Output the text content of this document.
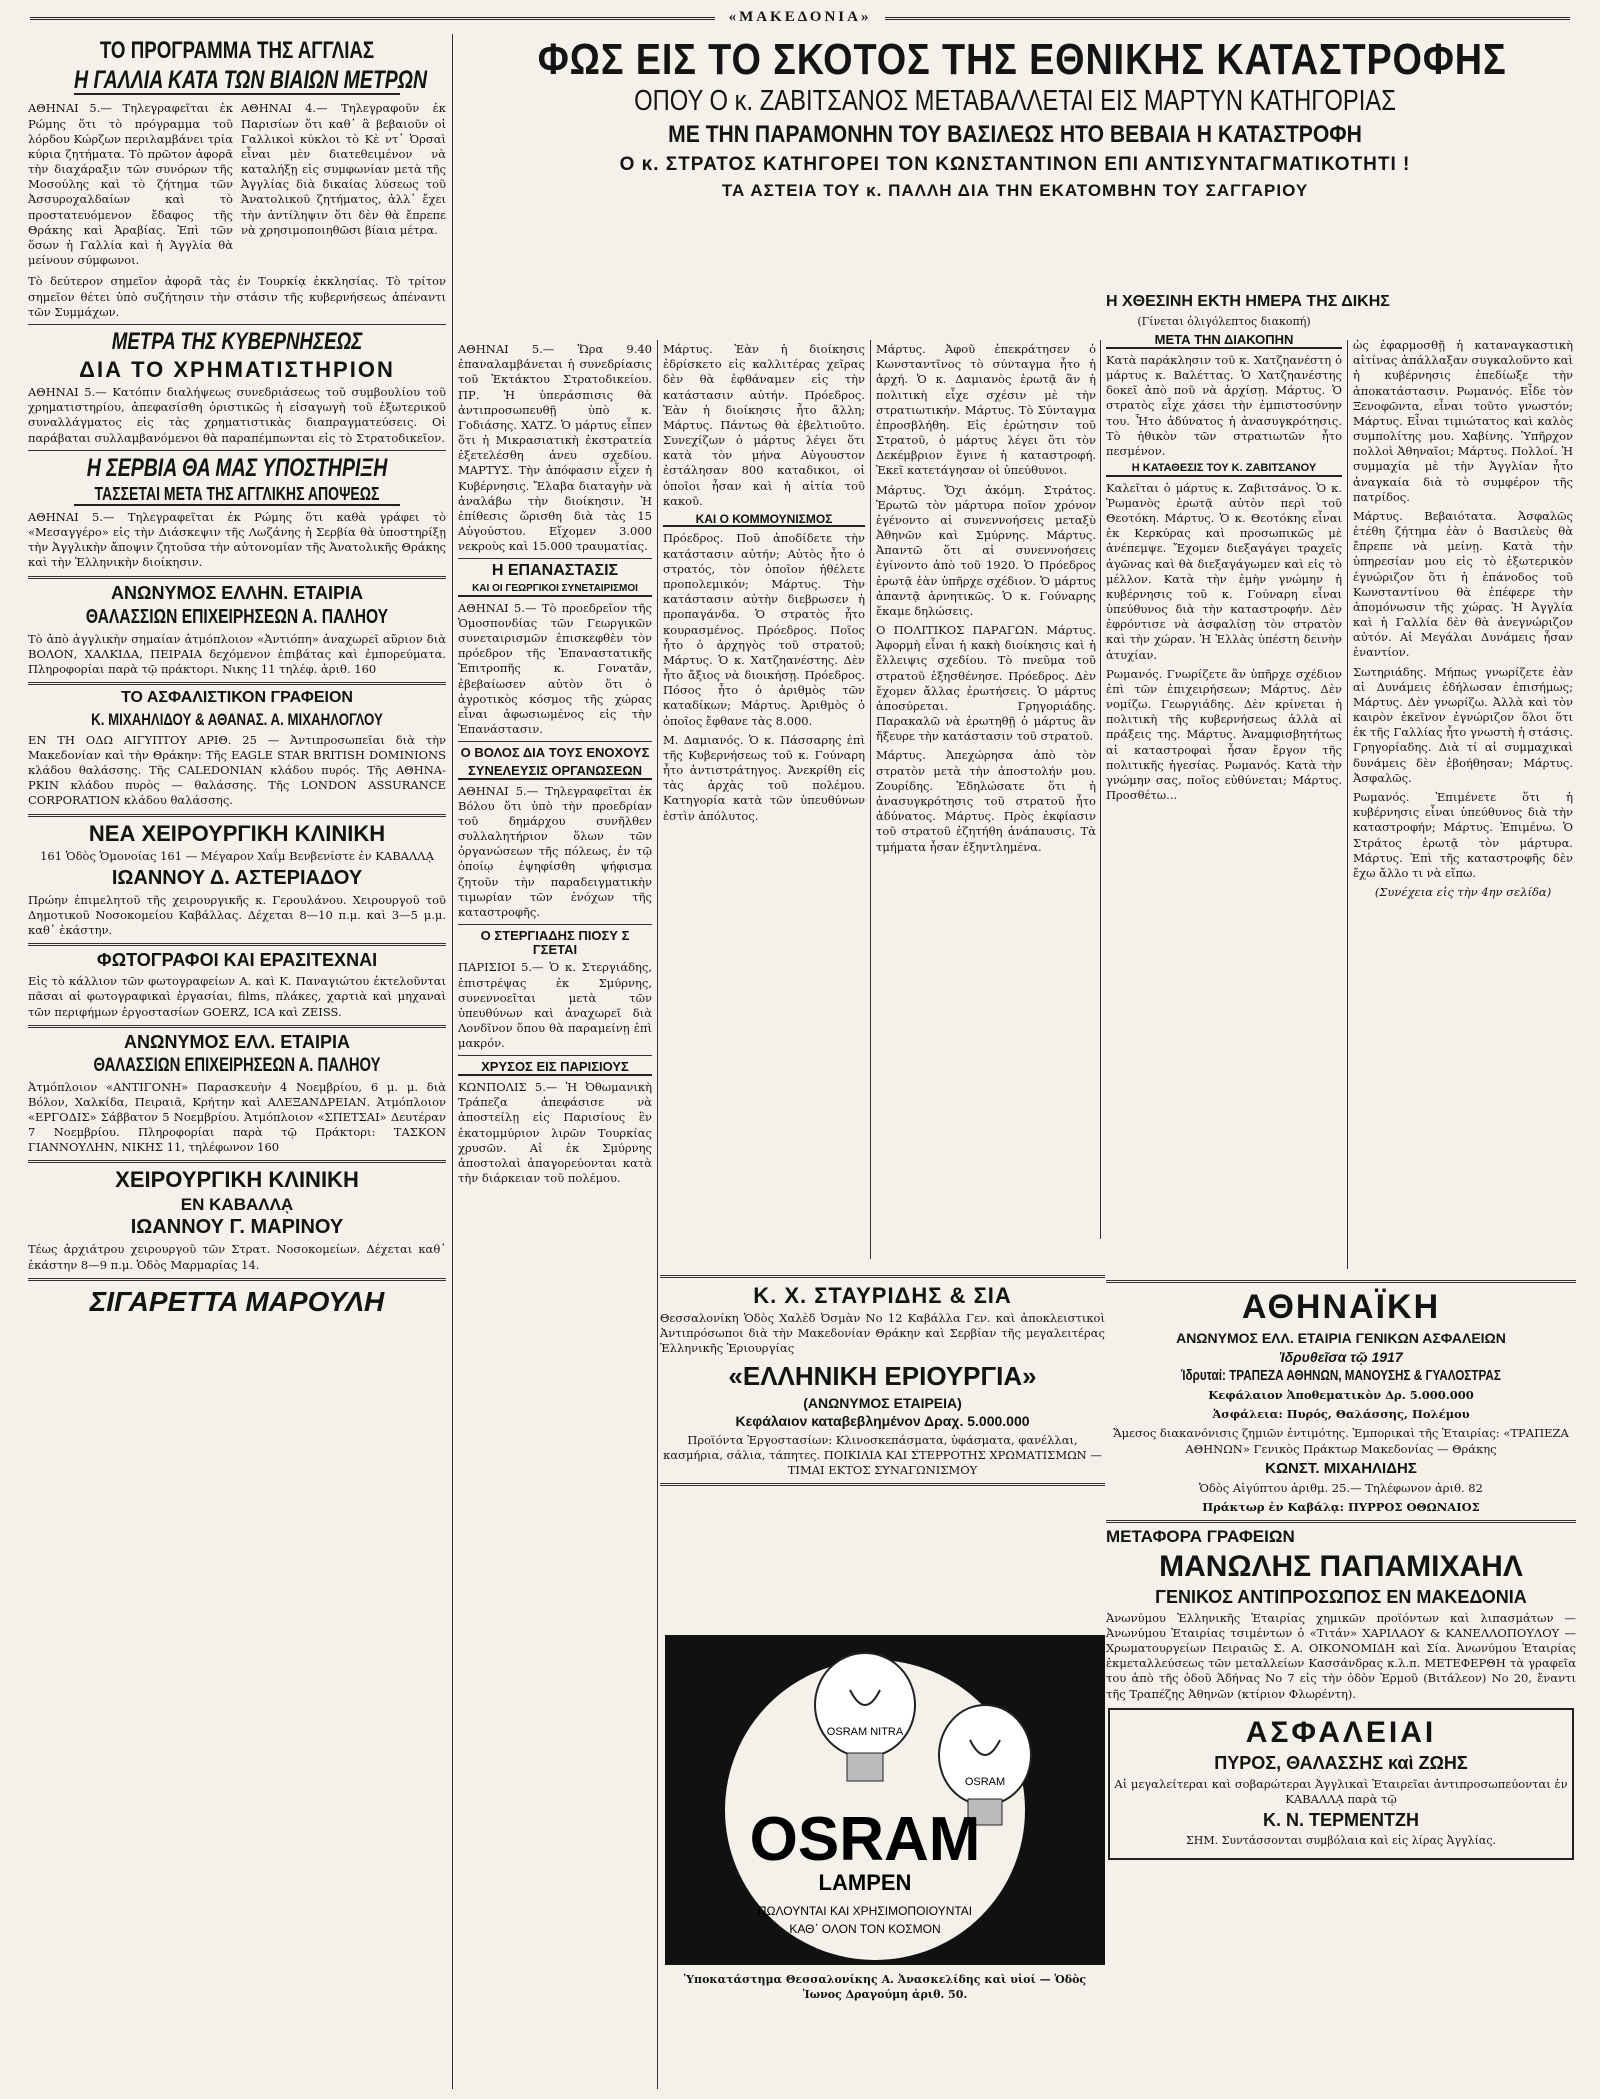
«ΜΑΚΕΔΟΝΙΑ»
ΦΩΣ ΕΙΣ ΤΟ ΣΚΟΤΟΣ ΤΗΣ ΕΘΝΙΚΗΣ ΚΑΤΑΣΤΡΟΦΗΣ
ΟΠΟΥ Ο κ. ΖΑΒΙΤΣΑΝΟΣ ΜΕΤΑΒΑΛΛΕΤΑΙ ΕΙΣ ΜΑΡΤΥΝ ΚΑΤΗΓΟΡΙΑΣ
ΜΕ ΤΗΝ ΠΑΡΑΜΟΝΗΝ ΤΟΥ ΒΑΣΙΛΕΩΣ ΗΤΟ ΒΕΒΑΙΑ Η ΚΑΤΑΣΤΡΟΦΗ
Ο κ. ΣΤΡΑΤΟΣ ΚΑΤΗΓΟΡΕΙ ΤΟΝ ΚΩΝΣΤΑΝΤΙΝΟΝ ΕΠΙ ΑΝΤΙΣΥΝΤΑΓΜΑΤΙΚΟΤΗΤΙ !
ΤΑ ΑΣΤΕΙΑ ΤΟΥ κ. ΠΑΛΛΗ ΔΙΑ ΤΗΝ ΕΚΑΤΟΜΒΗΝ ΤΟΥ ΣΑΓΓΑΡΙΟΥ
ΤΟ ΠΡΟΓΡΑΜΜΑ ΤΗΣ ΑΓΓΛΙΑΣ
Η ΓΑΛΛΙΑ ΚΑΤΑ ΤΩΝ ΒΙΑΙΩΝ ΜΕΤΡΩΝ
ΑΘΗΝΑΙ 5.— Τηλεγραφεῖται ἐκ Ρώμης ὅτι τὸ πρόγραμμα τοῦ λόρδου Κώρζων περιλαμβάνει τρία κύρια ζητήματα. Τὸ πρῶτον ἀφορᾶ τὴν διαχάραξιν τῶν συνόρων τῆς Μοσούλης καὶ τὸ ζήτημα τῶν Ἀσσυροχαλδαίων καὶ τὸ προστατευόμενον ἔδαφος τῆς Θράκης καὶ Ἀραβίας. Ἐπὶ τῶν ὅσων ἡ Γαλλία καὶ ἡ Ἀγγλία θὰ μείνουν σύμφωνοι.
ΑΘΗΝΑΙ 4.— Τηλεγραφοῦν ἐκ Παρισίων ὅτι καθ᾽ ἃ βεβαιοῦν οἱ Γαλλικοὶ κύκλοι τὸ Κὲ ντ᾽ Ὀρσαὶ εἶναι μὲν διατεθειμένον νὰ καταλήξῃ εἰς συμφωνίαν μετὰ τῆς Ἀγγλίας διὰ δικαίας λύσεως τοῦ Ἀνατολικοῦ ζητήματος, ἀλλ᾽ ἔχει τὴν ἀντίληψιν ὅτι δὲν θὰ ἔπρεπε νὰ χρησιμοποιηθῶσι βίαια μέτρα.
Τὸ δεύτερον σημεῖον ἀφορᾶ τὰς ἐν Τουρκίᾳ ἐκκλησίας. Τὸ τρίτον σημεῖον θέτει ὑπὸ συζήτησιν τὴν στάσιν τῆς κυβερνήσεως ἀπέναντι τῶν Συμμάχων.
ΜΕΤΡΑ ΤΗΣ ΚΥΒΕΡΝΗΣΕΩΣ
ΔΙΑ ΤΟ ΧΡΗΜΑΤΙΣΤΗΡΙΟΝ
ΑΘΗΝΑΙ 5.— Κατόπιν διαλήψεως συνεδριάσεως τοῦ συμβουλίου τοῦ χρηματιστηρίου, ἀπεφασίσθη ὁριστικῶς ἡ εἰσαγωγὴ τοῦ ἐξωτερικοῦ συναλλάγματος εἰς τὰς χρηματιστικὰς διαπραγματεύσεις. Οἱ παράβαται συλλαμβανόμενοι θὰ παραπέμπωνται εἰς τὸ Στρατοδικεῖον.
Η ΣΕΡΒΙΑ ΘΑ ΜΑΣ ΥΠΟΣΤΗΡΙΞΗ
ΤΑΣΣΕΤΑΙ ΜΕΤΑ ΤΗΣ ΑΓΓΛΙΚΗΣ ΑΠΟΨΕΩΣ
ΑΘΗΝΑΙ 5.— Τηλεγραφεῖται ἐκ Ρώμης ὅτι καθὰ γράφει τὸ «Μεσαγγέρο» εἰς τὴν Διάσκεψιν τῆς Λωζάνης ἡ Σερβία θὰ ὑποστηρίξῃ τὴν Ἀγγλικὴν ἄποψιν ζητοῦσα τὴν αὐτονομίαν τῆς Ἀνατολικῆς Θράκης καὶ τὴν Ἑλληνικὴν διοίκησιν.
ΑΝΩΝΥΜΟΣ ΕΛΛΗΝ. ΕΤΑΙΡΙΑ
ΘΑΛΑΣΣΙΩΝ ΕΠΙΧΕΙΡΗΣΕΩΝ Α. ΠΑΛΗΟΥ
Τὸ ἀπὸ ἀγγλικὴν σημαίαν ἀτμόπλοιον «Ἀντιόπη» ἀναχωρεῖ αὔριον διὰ ΒΟΛΟΝ, ΧΑΛΚΙΔΑ, ΠΕΙΡΑΙΑ δεχόμενον ἐπιβάτας καὶ ἐμπορεύματα. Πληροφορίαι παρὰ τῷ πράκτορι. Νικης 11 τηλέφ. ἀριθ. 160
ΤΟ ΑΣΦΑΛΙΣΤΙΚΟΝ ΓΡΑΦΕΙΟΝ
Κ. ΜΙΧΑΗΛΙΔΟΥ & ΑΘΑΝΑΣ. Α. ΜΙΧΑΗΛΟΓΛΟΥ
ΕΝ ΤΗ ΟΔΩ ΑΙΓΥΠΤΟΥ ΑΡΙΘ. 25 — Ἀντιπροσωπεῖαι διὰ τὴν Μακεδονίαν καὶ τὴν Θράκην: Τῆς EAGLE STAR BRITISH DOMINIONS κλάδου θαλάσσης. Τῆς CALEDONIAN κλάδου πυρός. Τῆς ΑΘΗΝΑ-ΡΚΙΝ κλάδου πυρὸς — θαλάσσης. Τῆς LONDON ASSURANCE CORPORATION κλάδου θαλάσσης.
ΝΕΑ ΧΕΙΡΟΥΡΓΙΚΗ ΚΛΙΝΙΚΗ
161 Ὁδὸς Ὁμονοίας 161 — Μέγαρον Χαΐμ Βενβενίστε ἐν ΚΑΒΑΛΛᾼ
ΙΩΑΝΝΟΥ Δ. ΑΣΤΕΡΙΑΔΟΥ
Πρώην ἐπιμελητοῦ τῆς χειρουργικῆς κ. Γερουλάνου. Χειρουργοῦ τοῦ Δημοτικοῦ Νοσοκομείου Καβάλλας. Δέχεται 8—10 π.μ. καὶ 3—5 μ.μ. καθ᾽ ἑκάστην.
ΦΩΤΟΓΡΑΦΟΙ ΚΑΙ ΕΡΑΣΙΤΕΧΝΑΙ
Εἰς τὸ κάλλιον τῶν φωτογραφείων Α. καὶ Κ. Παναγιώτου ἐκτελοῦνται πᾶσαι αἱ φωτογραφικαὶ ἐργασίαι, films, πλάκες, χαρτιὰ καὶ μηχαναὶ τῶν περιφήμων ἐργοστασίων GOERZ, ICA καὶ ZEISS.
ΑΝΩΝΥΜΟΣ ΕΛΛ. ΕΤΑΙΡΙΑ
ΘΑΛΑΣΣΙΩΝ ΕΠΙΧΕΙΡΗΣΕΩΝ Α. ΠΑΛΗΟΥ
Ἀτμόπλοιον «ΑΝΤΙΓΟΝΗ» Παρασκευὴν 4 Νοεμβρίου, 6 μ. μ. διὰ Βόλον, Χαλκίδα, Πειραιᾶ, Κρήτην καὶ ΑΛΕΞΑΝΔΡΕΙΑΝ. Ἀτμόπλοιον «ΕΡΓΟΔΙΣ» Σάββατον 5 Νοεμβρίου. Ἀτμόπλοιον «ΣΠΕΤΣΑΙ» Δευτέραν 7 Νοεμβρίου. Πληροφορίαι παρὰ τῷ Πράκτορι: ΤΑΣΚΟΝ ΓΙΑΝΝΟΥΛΗΝ, ΝΙΚΗΣ 11, τηλέφωνον 160
ΧΕΙΡΟΥΡΓΙΚΗ ΚΛΙΝΙΚΗ
ΕΝ ΚΑΒΑΛΛᾼ
ΙΩΑΝΝΟΥ Γ. ΜΑΡΙΝΟΥ
Τέως ἀρχιάτρου χειρουργοῦ τῶν Στρατ. Νοσοκομείων. Δέχεται καθ᾽ ἑκάστην 8—9 π.μ. Ὁδὸς Μαρμαρίας 14.
ΣΙΓΑΡΕΤΤΑ ΜΑΡΟΥΛΗ
ΑΘΗΝΑΙ 5.— Ὥρα 9.40 ἐπαναλαμβάνεται ἡ συνεδρίασις τοῦ Ἐκτάκτου Στρατοδικείου. ΠΡ. Ἡ ὑπεράσπισις θὰ ἀντιπροσωπευθῇ ὑπὸ κ. Γοδιάσης. ΧΑΤΖ. Ὁ μάρτυς εἶπεν ὅτι ἡ Μικρασιατικὴ ἐκστρατεία ἐξετελέσθη ἀνευ σχεδίου. ΜΑΡΤΥΣ. Τὴν ἀπόφασιν εἶχεν ἡ Κυβέρνησις. Ἔλαβα διαταγὴν νὰ ἀναλάβω τὴν διοίκησιν. Ἡ ἐπίθεσις ὥρισθη διὰ τὰς 15 Αὐγούστου. Εἴχομεν 3.000 νεκροὺς καὶ 15.000 τραυματίας.
Η ΕΠΑΝΑΣΤΑΣΙΣ
ΚΑΙ ΟΙ ΓΕΩΡΓΙΚΟΙ ΣΥΝΕΤΑΙΡΙΣΜΟΙ
ΑΘΗΝΑΙ 5.— Τὸ προεδρεῖον τῆς Ὁμοσπονδίας τῶν Γεωργικῶν συνεταιρισμῶν ἐπισκεφθὲν τὸν πρόεδρον τῆς Ἐπαναστατικῆς Ἐπιτροπῆς κ. Γονατᾶν, ἐβεβαίωσεν αὐτὸν ὅτι ὁ ἀγροτικὸς κόσμος τῆς χώρας εἶναι ἀφωσιωμένος εἰς τὴν Ἐπανάστασιν.
Ο ΒΟΛΟΣ ΔΙΑ ΤΟΥΣ ΕΝΟΧΟΥΣ
ΣΥΝΕΛΕΥΣΙΣ ΟΡΓΑΝΩΣΕΩΝ
ΑΘΗΝΑΙ 5.— Τηλεγραφεῖται ἐκ Βόλου ὅτι ὑπὸ τὴν προεδρίαν τοῦ δημάρχου συνῆλθεν συλλαλητήριον ὅλων τῶν ὀργανώσεων τῆς πόλεως, ἐν τῷ ὁποίῳ ἐψηφίσθη ψήφισμα ζητοῦν τὴν παραδειγματικὴν τιμωρίαν τῶν ἐνόχων τῆς καταστροφῆς.
Ο ΣΤΕΡΓΙΑΔΗΣ ΠΙΟΣΥ Σ ΓΣΕΤΑΙ
ΠΑΡΙΣΙΟΙ 5.— Ὁ κ. Στεργιάδης, ἐπιστρέψας ἐκ Σμύρνης, συνεννοεῖται μετὰ τῶν ὑπευθύνων καὶ ἀναχωρεῖ διὰ Λονδῖνον ὅπου θὰ παραμείνῃ ἐπὶ μακρόν.
ΧΡΥΣΟΣ ΕΙΣ ΠΑΡΙΣΙΟΥΣ
ΚΩΝΠΟΛΙΣ 5.— Ἡ Ὀθωμανικὴ Τράπεζα ἀπεφάσισε νὰ ἀποστείλῃ εἰς Παρισίους ἓν ἑκατομμύριον λιρῶν Τουρκίας χρυσῶν. Αἱ ἐκ Σμύρνης ἀποστολαὶ ἀπαγορεύονται κατὰ τὴν διάρκειαν τοῦ πολέμου.
Μάρτυς. Ἐὰν ἡ διοίκησις ἐδρίσκετο εἰς καλλιτέρας χεῖρας δὲν θὰ ἐφθάναμεν εἰς τὴν κατάστασιν αὐτήν. Πρόεδρος. Ἐὰν ἡ διοίκησις ἦτο ἄλλη; Μάρτυς. Πάντως θὰ ἐβελτιοῦτο. Συνεχίζων ὁ μάρτυς λέγει ὅτι κατὰ τὸν μήνα Αὐγουστον ἐστάλησαν 800 καταδικοι, οἱ ὁποῖοι ἦσαν καὶ ἡ αἰτία τοῦ κακοῦ.
ΚΑΙ Ο ΚΟΜΜΟΥΝΙΣΜΟΣ
Πρόεδρος. Ποῦ ἀποδίδετε τὴν κατάστασιν αὐτήν; Αὐτὸς ἦτο ὁ στρατός, τὸν ὁποῖον ἠθέλετε προπολεμικόν; Μάρτυς. Τὴν κατάστασιν αὐτὴν διεβρωσεν ἡ προπαγάνδα. Ὁ στρατὸς ἦτο κουρασμένος. Πρόεδρος. Ποῖος ἦτο ὁ ἀρχηγὸς τοῦ στρατοῦ; Μάρτυς. Ὁ κ. Χατζηανέστης. Δὲν ἦτο ἄξιος νὰ διοικήσῃ. Πρόεδρος. Πόσος ἦτο ὁ ἀριθμὸς τῶν καταδίκων; Μάρτυς. Ἀριθμὸς ὁ ὁποῖος ἔφθανε τὰς 8.000.
Μ. Δαμιανός. Ὁ κ. Πάσσαρης ἐπὶ τῆς Κυβερνήσεως τοῦ κ. Γούναρη ἦτο ἀντιστράτηγος. Ἀνεκρίθη εἰς τὰς ἀρχὰς τοῦ πολέμου. Κατηγορία κατὰ τῶν ὑπευθύνων ἐστὶν ἀπόλυτος.
Μάρτυς. Ἀφοῦ ἐπεκράτησεν ὁ Κωνσταντῖνος τὸ σύνταγμα ἦτο ἡ ἀρχή. Ὁ κ. Δαμιανὸς ἐρωτᾷ ἂν ἡ πολιτικὴ εἶχε σχέσιν μὲ τὴν στρατιωτικήν. Μάρτυς. Τὸ Σύνταγμα ἐπροσβλήθη. Εἰς ἐρώτησιν τοῦ Στρατοῦ, ὁ μάρτυς λέγει ὅτι τὸν Δεκέμβριον ἔγινε ἡ καταστροφή. Ἐκεῖ κατετάγησαν οἱ ὑπεύθυνοι.
Μάρτυς. Ὄχι ἀκόμη. Στράτος. Ἐρωτῶ τὸν μάρτυρα ποῖον χρόνον ἐγένοντο αἱ συνεννοήσεις μεταξὺ Ἀθηνῶν καὶ Σμύρνης. Μάρτυς. Ἀπαντῶ ὅτι αἱ συνεννοήσεις ἐγίνοντο ἀπὸ τοῦ 1920. Ὁ Πρόεδρος ἐρωτᾷ ἐὰν ὑπῆρχε σχέδιον. Ὁ μάρτυς ἀπαντᾷ ἀρνητικῶς. Ὁ κ. Γούναρης ἔκαμε δηλώσεις.
Ο ΠΟΛΙΤΙΚΟΣ ΠΑΡΑΓΩΝ. Μάρτυς. Ἀφορμὴ εἶναι ἡ κακὴ διοίκησις καὶ ἡ ἔλλειψις σχεδίου. Τὸ πνεῦμα τοῦ στρατοῦ ἐξησθένησε. Πρόεδρος. Δὲν ἔχομεν ἄλλας ἐρωτήσεις. Ὁ μάρτυς ἀποσύρεται. Γρηγοριάδης. Παρακαλῶ νὰ ἐρωτηθῇ ὁ μάρτυς ἂν ἤξευρε τὴν κατάστασιν τοῦ στρατοῦ.
Μάρτυς. Ἀπεχώρησα ἀπὸ τὸν στρατὸν μετὰ τὴν ἀποστολήν μου. Ζουρίδης. Ἐδηλώσατε ὅτι ἡ ἀνασυγκρότησις τοῦ στρατοῦ ἦτο ἀδύνατος. Μάρτυς. Πρὸς ἐκφίασιν τοῦ στρατοῦ ἐζητήθη ἀνάπαυσις. Τὰ τμήματα ἦσαν ἐξηντλημένα.
Η ΧΘΕΣΙΝΗ ΕΚΤΗ ΗΜΕΡΑ ΤΗΣ ΔΙΚΗΣ
(Γίνεται ὀλιγόλεπτος διακοπή)
ΜΕΤΑ ΤΗΝ ΔΙΑΚΟΠΗΝ
Κατὰ παράκλησιν τοῦ κ. Χατζηανέστη ὁ μάρτυς κ. Βαλέττας. Ὁ Χατζηανέστης δοκεῖ ἀπὸ ποῦ νὰ ἀρχίσῃ. Μάρτυς. Ὁ στρατὸς εἶχε χάσει τὴν ἐμπιστοσύνην του. Ἦτο ἀδύνατος ἡ ἀνασυγκρότησις. Τὸ ἠθικὸν τῶν στρατιωτῶν ἦτο πεσμένον.
Η ΚΑΤΑΘΕΣΙΣ ΤΟΥ Κ. ΖΑΒΙΤΣΑΝΟΥ
Καλεῖται ὁ μάρτυς κ. Ζαβιτσάνος. Ὁ κ. Ῥωμανὸς ἐρωτᾷ αὐτὸν περὶ τοῦ Θεοτόκη. Μάρτυς. Ὁ κ. Θεοτόκης εἶναι ἐκ Κερκύρας καὶ προσωπικῶς μὲ ἀνέπεμψε. Ἔχομεν διεξαγάγει τραχεῖς ἀγῶνας καὶ θὰ διεξαγάγωμεν καὶ εἰς τὸ μέλλον. Κατὰ τὴν ἐμὴν γνώμην ἡ κυβέρνησις τοῦ κ. Γούναρη εἶναι ὑπεύθυνος διὰ τὴν καταστροφήν. Δὲν ἐφρόντισε νὰ ἀσφαλίσῃ τὸν στρατὸν καὶ τὴν χώραν. Ἡ Ἑλλὰς ὑπέστη δεινὴν ἀτυχίαν.
Ρωμανός. Γνωρίζετε ἂν ὑπῆρχε σχέδιον ἐπὶ τῶν ἐπιχειρήσεων; Μάρτυς. Δὲν νομίζω. Γεωργιάδης. Δὲν κρίνεται ἡ πολιτικὴ τῆς κυβερνήσεως ἀλλὰ αἱ πράξεις της. Μάρτυς. Ἀναμφισβητήτως αἱ καταστροφαὶ ἦσαν ἔργον τῆς πολιτικῆς ἡγεσίας. Ρωμανός. Κατὰ τὴν γνώμην σας, ποῖος εὐθύνεται; Μάρτυς. Προσθέτω...
ὡς ἐφαρμοσθῇ ἡ καταναγκαστικὴ αἰτίνας ἀπάλλαξαν συγκαλοῦντο καὶ ἡ κυβέρνησις ἐπεδίωξε τὴν ἀποκατάστασιν. Ρωμανός. Εἶδε τὸν Ξενοφῶντα, εἶναι τοῦτο γνωστόν; Μάρτυς. Εἶναι τιμιώτατος καὶ καλὸς συμπολίτης μου. Χαβίνης. Ὑπῆρχον πολλοὶ Ἀθηναῖοι; Μάρτυς. Πολλοί. Ἡ συμμαχία μὲ τὴν Ἀγγλίαν ἦτο ἀναγκαία διὰ τὸ συμφέρον τῆς πατρίδος.
Μάρτυς. Βεβαιότατα. Ἀσφαλῶς ἐτέθη ζήτημα ἐὰν ὁ Βασιλεὺς θὰ ἔπρεπε νὰ μείνῃ. Κατὰ τὴν ὑπηρεσίαν μου εἰς τὸ ἐξωτερικὸν ἐγνώριζον ὅτι ἡ ἐπάνοδος τοῦ Κωνσταντίνου θὰ ἐπέφερε τὴν ἀπομόνωσιν τῆς χώρας. Ἡ Ἀγγλία καὶ ἡ Γαλλία δὲν θὰ ἀνεγνώριζον αὐτόν. Αἱ Μεγάλαι Δυνάμεις ἦσαν ἐναντίον.
Σωτηριάδης. Μήπως γνωρίζετε ἐὰν αἱ Δυνάμεις ἐδήλωσαν ἐπισήμως; Μάρτυς. Δὲν γνωρίζω. Ἀλλὰ καὶ τὸν καιρὸν ἐκεῖνον ἐγνώριζον ὅλοι ὅτι ἐκ τῆς Γαλλίας ἦτο γνωστὴ ἡ στάσις. Γρηγορίαδης. Διὰ τί αἱ συμμαχικαὶ δυνάμεις δὲν ἐβοήθησαν; Μάρτυς. Ἀσφαλῶς.
Ρωμανός. Ἐπιμένετε ὅτι ἡ κυβέρνησις εἶναι ὑπεύθυνος διὰ τὴν καταστροφήν; Μάρτυς. Ἐπιμένω. Ὁ Στράτος ἐρωτᾷ τὸν μάρτυρα. Μάρτυς. Ἐπὶ τῆς καταστροφῆς δὲν ἔχω ἄλλο τι νὰ εἴπω.
(Συνέχεια εἰς τὴν 4ην σελίδα)
Κ. Χ. ΣΤΑΥΡΙΔΗΣ & ΣΙΑ
Θεσσαλονίκη Ὁδὸς Χαλὲδ Ὀσμὰν Νο 12 Καβάλλα Γεν. καὶ ἀποκλειστικοὶ Ἀντιπρόσωποι διὰ τὴν Μακεδονίαν Θράκην καὶ Σερβίαν τῆς μεγαλειτέρας Ἑλληνικῆς Ἐριουργίας
«ΕΛΛΗΝΙΚΗ ΕΡΙΟΥΡΓΙΑ»
(ΑΝΩΝΥΜΟΣ ΕΤΑΙΡΕΙΑ)
Κεφάλαιον καταβεβλημένον Δραχ. 5.000.000
Προϊόντα Ἐργοστασίων: Κλινοσκεπάσματα, ὑφάσματα, φανέλλαι, κασμήρια, σάλια, τάπητες. ΠΟΙΚΙΛΙΑ ΚΑΙ ΣΤΕΡΡΟΤΗΣ ΧΡΩΜΑΤΙΣΜΩΝ — ΤΙΜΑΙ ΕΚΤΟΣ ΣΥΝΑΓΩΝΙΣΜΟΥ
OSRAM NITRA
OSRAM
OSRAM
LAMPEN
ΠΩΛΟΥΝΤΑΙ ΚΑΙ ΧΡΗΣΙΜΟΠΟΙΟΥΝΤΑΙ
ΚΑΘ᾽ ΟΛΟΝ ΤΟΝ ΚΟΣΜΟΝ
Ὑποκατάστημα Θεσσαλονίκης Α. Ἀνασκελίδης καὶ υἱοί — Ὁδὸς Ἰωνος Δραγούμη ἀριθ. 50.
ΑΘΗΝΑΪΚΗ
ΑΝΩΝΥΜΟΣ ΕΛΛ. ΕΤΑΙΡΙΑ ΓΕΝΙΚΩΝ ΑΣΦΑΛΕΙΩΝ
Ἱδρυθεῖσα τῷ 1917
Ἱδρυταί: ΤΡΑΠΕΖΑ ΑΘΗΝΩΝ, ΜΑΝΟΥΣΗΣ & ΓΥΑΛΟΣΤΡΑΣ
Κεφάλαιον Ἀποθεματικὸν Δρ. 5.000.000
Ἀσφάλεια: Πυρός, Θαλάσσης, Πολέμου
Ἄμεσος διακανόνισις ζημιῶν ἐντιμότης. Ἐμπορικαὶ τῆς Ἑταιρίας: «ΤΡΑΠΕΖΑ ΑΘΗΝΩΝ» Γενικὸς Πράκτωρ Μακεδονίας — Θράκης
ΚΩΝΣΤ. ΜΙΧΑΗΛΙΔΗΣ
Ὁδὸς Αἰγύπτου ἀριθμ. 25.— Τηλέφωνον ἀριθ. 82
Πράκτωρ ἐν Καβάλᾳ: ΠΥΡΡΟΣ ΟΘΩΝΑΙΟΣ
ΜΕΤΑΦΟΡΑ ΓΡΑΦΕΙΩΝ
ΜΑΝΩΛΗΣ ΠΑΠΑΜΙΧΑΗΛ
ΓΕΝΙΚΟΣ ΑΝΤΙΠΡΟΣΩΠΟΣ ΕΝ ΜΑΚΕΔΟΝΙΑ
Ἀνωνύμου Ἑλληνικῆς Ἑταιρίας χημικῶν προϊόντων καὶ λιπασμάτων — Ἀνωνύμου Ἑταιρίας τσιμέντων ὁ «Τιτάν» ΧΑΡΙΛΑΟΥ & ΚΑΝΕΛΛΟΠΟΥΛΟΥ — Χρωματουργείων Πειραιῶς Σ. Α. ΟΙΚΟΝΟΜΙΔΗ καὶ Σία. Ἀνωνύμου Ἑταιρίας ἐκμεταλλεύσεως τῶν μεταλλείων Κασσάνδρας κ.λ.π. ΜΕΤΕΦΕΡΘΗ τὰ γραφεῖα του ἀπὸ τῆς ὁδοῦ Ἀδήνας Νο 7 εἰς τὴν ὁδὸν Ἑρμοῦ (Βιτάλεον) Νο 20, ἔναντι τῆς Τραπέζης Ἀθηνῶν (κτίριον Φλωρέντη).
ΑΣΦΑΛΕΙΑΙ
ΠΥΡΟΣ, ΘΑΛΑΣΣΗΣ καὶ ΖΩΗΣ
Αἱ μεγαλείτεραι καὶ σοβαρώτεραι Ἀγγλικαὶ Ἑταιρεῖαι ἀντιπροσωπεύονται ἐν ΚΑΒΑΛΛᾼ παρὰ τῷ
Κ. Ν. ΤΕΡΜΕΝΤΖΗ
ΣΗΜ. Συντάσσονται συμβόλαια καὶ εἰς λίρας Ἀγγλίας.
